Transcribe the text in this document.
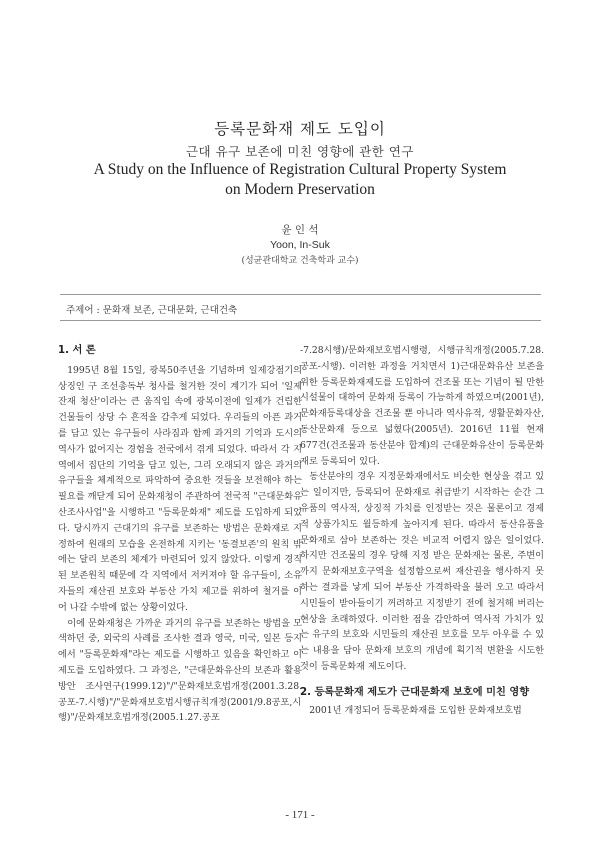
등록문화재 제도 도입이
근대 유구 보존에 미친 영향에 관한 연구
A Study on the Influence of Registration Cultural Property System
on Modern Preservation
윤 인 석
Yoon, In-Suk
(성균관대학교 건축학과 교수)
주제어 : 문화재 보존, 근대문화, 근대건축

1. 서 론

1995년 8월 15일, 광복50주년을 기념하며 일제강점기의 상징인 구 조선총독부 청사를 철거한 것이 계기가 되어 '일제잔재 청산'이라는 큰 움직임 속에 광복이전에 일제가 건립한 건물들이 상당 수 흔적을 감추게 되었다. 우리들의 아픈 과거를 담고 있는 유구들이 사라짐과 함께 과거의 기억과 도시의 역사가 없어지는 경험을 전국에서 겪게 되었다. 따라서 각 지역에서 집단의 기억을 담고 있는, 그리 오래되지 않은 과거의 유구들을 체계적으로 파악하여 중요한 것들을 보전해야 하는 필요를 깨닫게 되어 문화재청이 주관하여 전국적 "근대문화유산조사사업"을 시행하고 "등록문화재" 제도를 도입하게 되었다. 당시까지 근대기의 유구를 보존하는 방법은 문화재로 지정하여 원래의 모습을 온전하게 지키는 '동결보존'의 원칙 밖에는 달리 보존의 체계가 마련되어 있지 않았다. 이렇게 경직된 보존원칙 때문에 각 지역에서 저커져야 할 유구들이, 소유자들의 재산권 보호와 부동산 가치 제고를 위하여 철거를 이어 나갈 수밖에 없는 상황이었다.

이에 문화재청은 가까운 과거의 유구를 보존하는 방법을 모색하던 중, 외국의 사례를 조사한 결과 영국, 미국, 일본 등지에서 "등록문화재"라는 제도를 시행하고 있음을 확인하고 이 제도를 도입하였다. 그 과정은, "근대문화유산의 보존과 활용방안 조사연구(1999.12)"/"문화재보호법개정(2001.3.28.공포-7.시행)"/"문화재보호법시행규칙개정(2001/9.8공포,시행)"/문화재보호법개정(2005.1.27.공포

-7.28시행)/문화재보호법시행령, 시행규칙개정(2005.7.28.공포-시행). 이러한 과정을 거치면서 1)근대문화유산 보존을 위한 등록문화재제도를 도입하여 건조물 또는 기념이 될 만한 시설물이 대하여 문화재 등록이 가능하게 하였으며(2001년), 문화재등록대상을 건조물 뿐 아니라 역사유적, 생활문화자산, 동산문화재 등으로 넓혔다(2005년). 2016년 11월 현재 677건(건조물과 동산분야 합계)의 근대문화유산이 등록문화재로 등록되어 있다.

동산분야의 경우 지정문화재에서도 비슷한 현상을 겪고 있는 일이지만, 등록되어 문화재로 취급받기 시작하는 순간 그 유품의 역사적, 상징적 가치를 인정받는 것은 물론이고 경제적 상품가치도 월등하게 높아지게 된다. 따라서 동산유품을 문화재로 삼아 보존하는 것은 비교적 어렵지 않은 일이었다. 하지만 건조물의 경우 당해 지정 받은 문화재는 물론, 주변이 까지 문화재보호구역을 설정함으로써 재산권을 행사하지 못하는 결과를 낳게 되어 부동산 가격하락을 불러 오고 따라서 시민들이 받아들이기 꺼려하고 지정받기 전에 철거해 버리는 현상을 초래하였다. 이러한 점을 감안하여 역사적 가치가 있는 유구의 보호와 시민들의 재산권 보호를 모두 아우를 수 있는 내용을 담아 문화재 보호의 개념에 획기적 변환을 시도한 것이 등록문화재 제도이다.

2. 등록문화재 제도가 근대문화재 보호에 미친 영향

2001년 개정되어 등록문화재를 도입한 문화재보호법

- 171 -
